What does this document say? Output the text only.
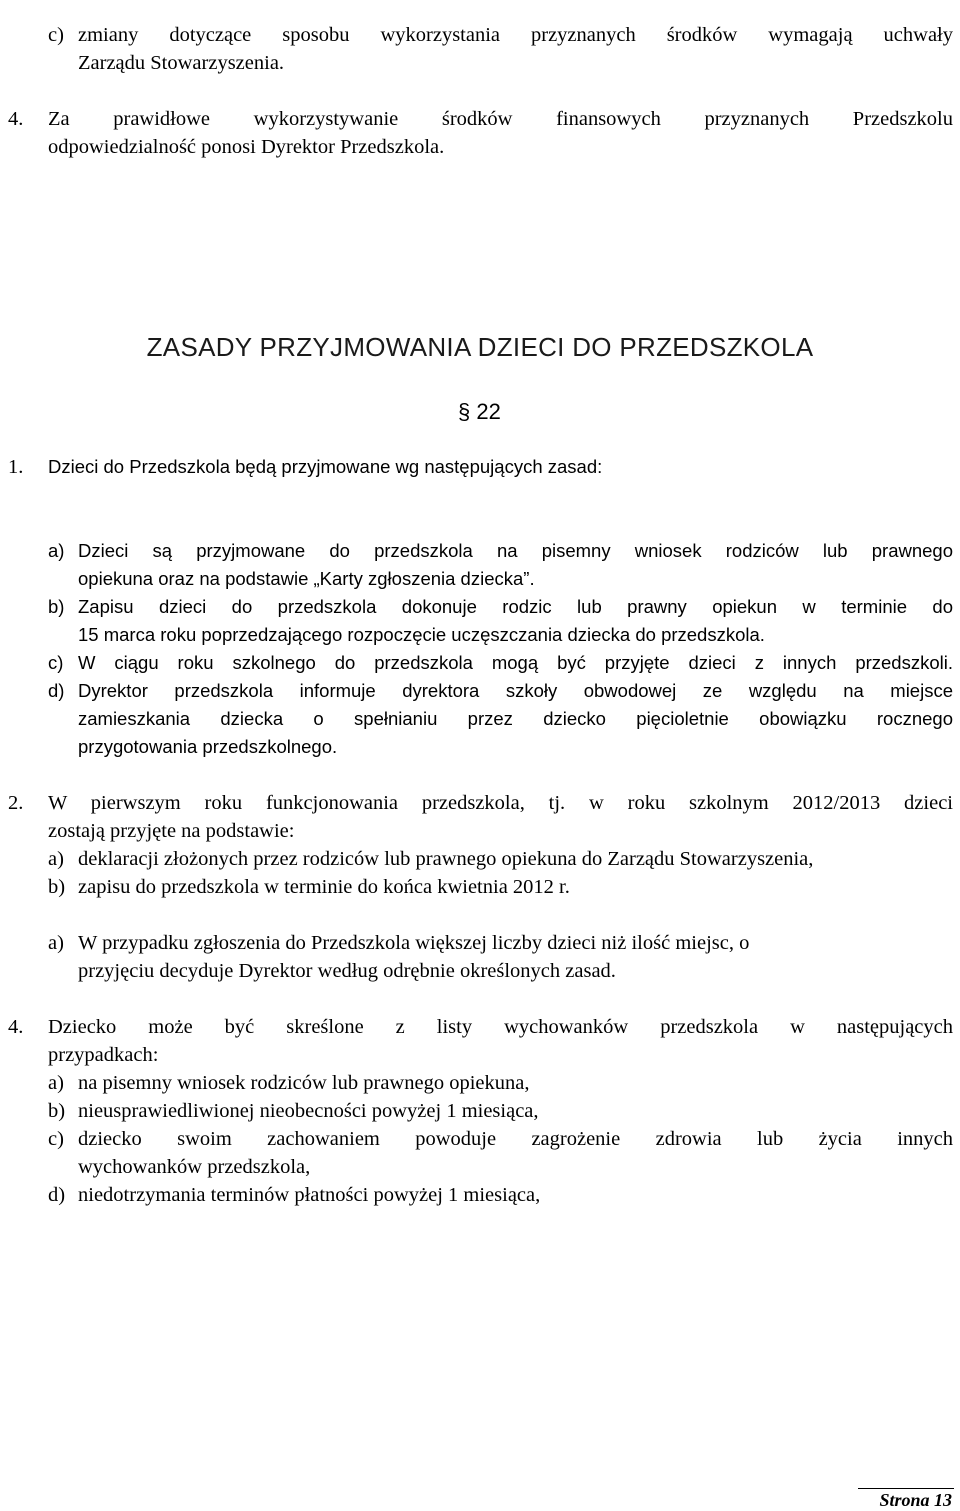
c) zmiany dotyczące sposobu wykorzystania przyznanych środków wymagają uchwały
Zarządu Stowarzyszenia.
4. Za prawidłowe wykorzystywanie środków finansowych przyznanych Przedszkolu
odpowiedzialność ponosi Dyrektor Przedszkola.
ZASADY PRZYJMOWANIA DZIECI DO PRZEDSZKOLA
§ 22
1. Dzieci do Przedszkola będą przyjmowane wg następujących zasad:
a) Dzieci są przyjmowane do przedszkola na pisemny wniosek rodziców lub prawnego
opiekuna oraz na podstawie „Karty zgłoszenia dziecka”.
b) Zapisu dzieci do przedszkola dokonuje rodzic lub prawny opiekun w terminie do
15 marca roku poprzedzającego rozpoczęcie uczęszczania dziecka do przedszkola.
c) W ciągu roku szkolnego do przedszkola mogą być przyjęte dzieci z innych przedszkoli.
d) Dyrektor przedszkola informuje dyrektora szkoły obwodowej ze względu na miejsce
zamieszkania dziecka o spełnianiu przez dziecko pięcioletnie obowiązku rocznego
przygotowania przedszkolnego.
2. W pierwszym roku funkcjonowania przedszkola, tj. w roku szkolnym 2012/2013 dzieci
zostają przyjęte na podstawie:
a) deklaracji złożonych przez rodziców lub prawnego opiekuna do Zarządu Stowarzyszenia,
b) zapisu do przedszkola w terminie do końca kwietnia 2012 r.
a) W przypadku zgłoszenia do Przedszkola większej liczby dzieci niż ilość miejsc, o
przyjęciu decyduje Dyrektor według odrębnie określonych zasad.
4. Dziecko może być skreślone z listy wychowanków przedszkola w następujących
przypadkach:
a) na pisemny wniosek rodziców lub prawnego opiekuna,
b) nieusprawiedliwionej nieobecności powyżej 1 miesiąca,
c) dziecko swoim zachowaniem powoduje zagrożenie zdrowia lub życia innych
wychowanków przedszkola,
d) niedotrzymania terminów płatności powyżej 1 miesiąca,
Strona 13
